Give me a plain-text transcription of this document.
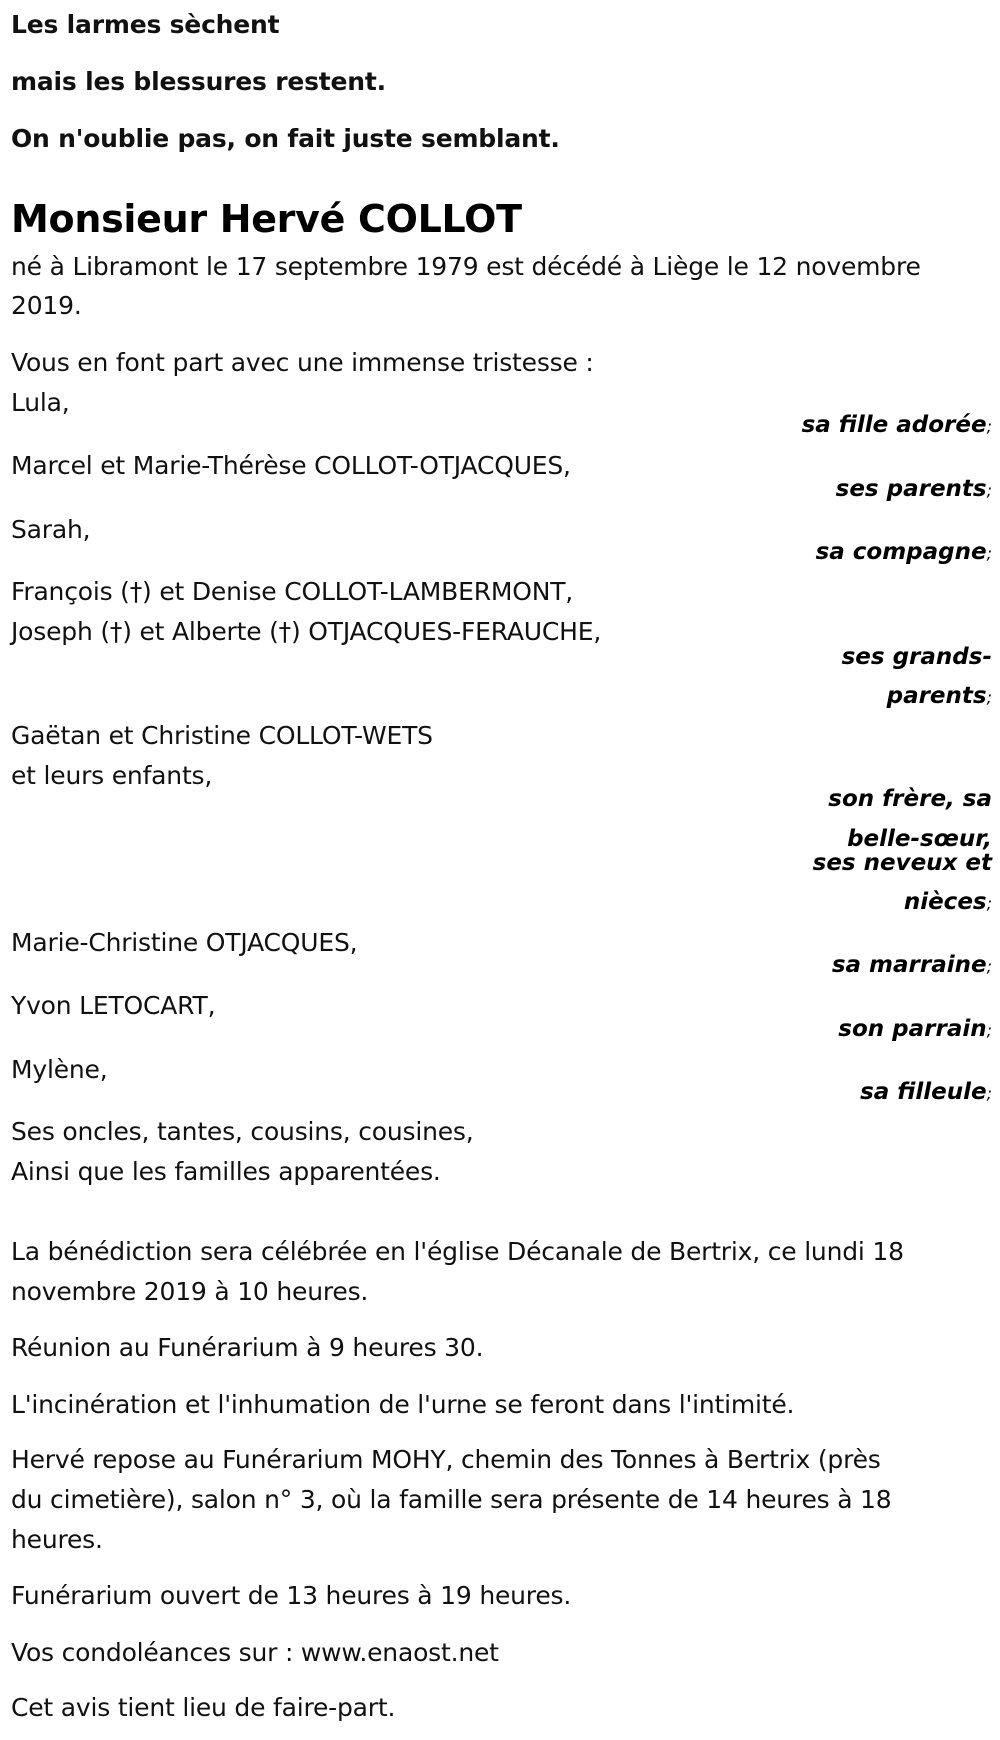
Les larmes sèchent
mais les blessures restent.
On n'oublie pas, on fait juste semblant.
Monsieur Hervé COLLOT
né à Libramont le 17 septembre 1979 est décédé à Liège le 12 novembre
2019.
Vous en font part avec une immense tristesse :
Lula,
sa fille adorée;
Marcel et Marie-Thérèse COLLOT-OTJACQUES,
ses parents;
Sarah,
sa compagne;
François (†) et Denise COLLOT-LAMBERMONT,
Joseph (†) et Alberte (†) OTJACQUES-FERAUCHE,
ses grands-
parents;
Gaëtan et Christine COLLOT-WETS
et leurs enfants,
son frère, sa
belle-sœur,
ses neveux et
nièces;
Marie-Christine OTJACQUES,
sa marraine;
Yvon LETOCART,
son parrain;
Mylène,
sa filleule;
Ses oncles, tantes, cousins, cousines,
Ainsi que les familles apparentées.
La bénédiction sera célébrée en l'église Décanale de Bertrix, ce lundi 18
novembre 2019 à 10 heures.
Réunion au Funérarium à 9 heures 30.
L'incinération et l'inhumation de l'urne se feront dans l'intimité.
Hervé repose au Funérarium MOHY, chemin des Tonnes à Bertrix (près
du cimetière), salon n° 3, où la famille sera présente de 14 heures à 18
heures.
Funérarium ouvert de 13 heures à 19 heures.
Vos condoléances sur : www.enaost.net
Cet avis tient lieu de faire-part.
